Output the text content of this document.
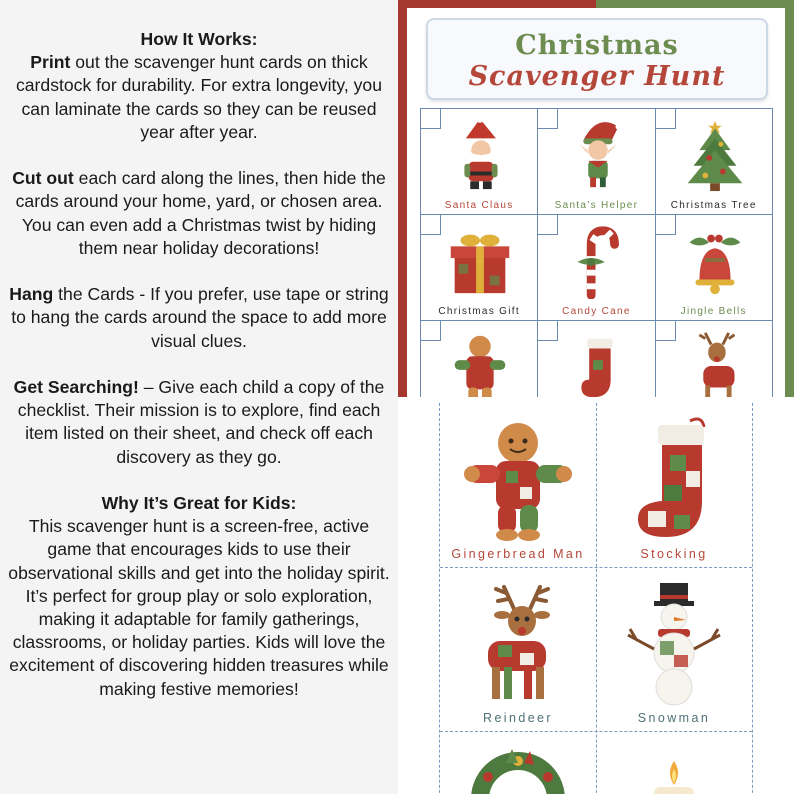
How It Works:

Print out the scavenger hunt cards on thick cardstock for durability. For extra longevity, you can laminate the cards so they can be reused year after year.

Cut out each card along the lines, then hide the cards around your home, yard, or chosen area. You can even add a Christmas twist by hiding them near holiday decorations!

Hang the Cards - If you prefer, use tape or string to hang the cards around the space to add more visual clues.

Get Searching! – Give each child a copy of the checklist. Their mission is to explore, find each item listed on their sheet, and check off each discovery as they go.

Why It’s Great for Kids:

This scavenger hunt is a screen-free, active game that encourages kids to use their observational skills and get into the holiday spirit. It’s perfect for group play or solo exploration, making it adaptable for family gatherings, classrooms, or holiday parties. Kids will love the excitement of discovering hidden treasures while making festive memories!

Christmas
Scavenger Hunt
Santa Claus	Santa’s Helper	Christmas Tree
Christmas Gift	Candy Cane	Jingle Bells
Gingerbread Man	Stocking
Reindeer	Snowman
